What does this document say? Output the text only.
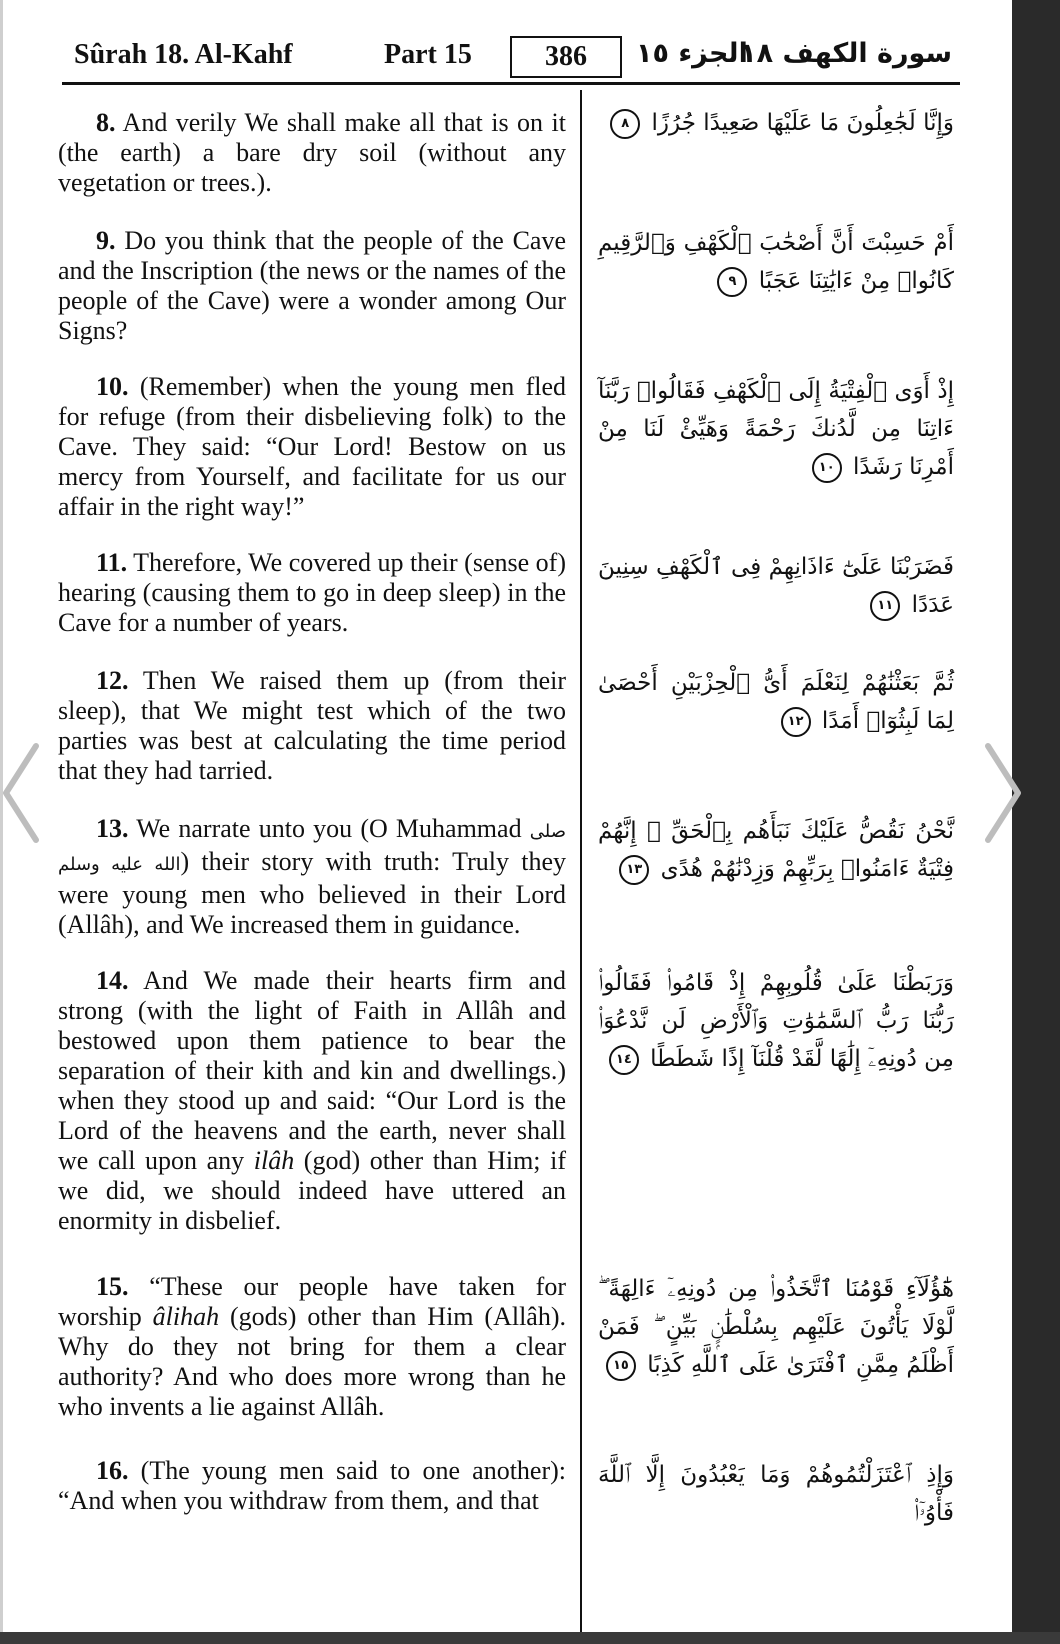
Sûrah 18. Al-Kahf	Part 15	386	الجزء ١٥
سورة الكهف ١٨
8. And verily We shall make all that is on it (the earth) a bare dry soil (without any vegetation or trees.).
وَإِنَّا لَجَٰعِلُونَ مَا عَلَيْهَا صَعِيدًا جُرُزًا ٨
9. Do you think that the people of the Cave and the Inscription (the news or the names of the people of the Cave) were a wonder among Our Signs?
أَمْ حَسِبْتَ أَنَّ أَصْحَٰبَ ٱلْكَهْفِ وَٱلرَّقِيمِ كَانُوا۟ مِنْ ءَايَٰتِنَا عَجَبًا ٩
10. (Remember) when the young men fled for refuge (from their disbelieving folk) to the Cave. They said: “Our Lord! Bestow on us mercy from Yourself, and facilitate for us our affair in the right way!”
إِذْ أَوَى ٱلْفِتْيَةُ إِلَى ٱلْكَهْفِ فَقَالُوا۟ رَبَّنَآ ءَاتِنَا مِن لَّدُنكَ رَحْمَةً وَهَيِّئْ لَنَا مِنْ أَمْرِنَا رَشَدًا ١٠
11. Therefore, We covered up their (sense of) hearing (causing them to go in deep sleep) in the Cave for a number of years.
فَضَرَبْنَا عَلَىٰٓ ءَاذَانِهِمْ فِى ٱلْكَهْفِ سِنِينَ عَدَدًا ١١
12. Then We raised them up (from their sleep), that We might test which of the two parties was best at calculating the time period that they had tarried.
ثُمَّ بَعَثْنَٰهُمْ لِنَعْلَمَ أَىُّ ٱلْحِزْبَيْنِ أَحْصَىٰ لِمَا لَبِثُوٓا۟ أَمَدًا ١٢
13. We narrate unto you (O Muhammad صلى الله عليه وسلم) their story with truth: Truly they were young men who believed in their Lord (Allâh), and We increased them in guidance.
نَّحْنُ نَقُصُّ عَلَيْكَ نَبَأَهُم بِٱلْحَقِّ ۚ إِنَّهُمْ فِتْيَةٌ ءَامَنُوا۟ بِرَبِّهِمْ وَزِدْنَٰهُمْ هُدًى ١٣
14. And We made their hearts firm and strong (with the light of Faith in Allâh and bestowed upon them patience to bear the separation of their kith and kin and dwellings.) when they stood up and said: “Our Lord is the Lord of the heavens and the earth, never shall we call upon any ilâh (god) other than Him; if we did, we should indeed have uttered an enormity in disbelief.
وَرَبَطْنَا عَلَىٰ قُلُوبِهِمْ إِذْ قَامُوا۟ فَقَالُوا۟ رَبُّنَا رَبُّ ٱلسَّمَٰوَٰتِ وَٱلْأَرْضِ لَن نَّدْعُوَا۟ مِن دُونِهِۦٓ إِلَٰهًا لَّقَدْ قُلْنَآ إِذًا شَطَطًا ١٤
15. “These our people have taken for worship âlihah (gods) other than Him (Allâh). Why do they not bring for them a clear authority? And who does more wrong than he who invents a lie against Allâh.
هَٰٓؤُلَآءِ قَوْمُنَا ٱتَّخَذُوا۟ مِن دُونِهِۦٓ ءَالِهَةً ۖ لَّوْلَا يَأْتُونَ عَلَيْهِم بِسُلْطَٰنٍۭ بَيِّنٍ ۖ فَمَنْ أَظْلَمُ مِمَّنِ ٱفْتَرَىٰ عَلَى ٱللَّهِ كَذِبًا ١٥
16. (The young men said to one another): “And when you withdraw from them, and that
وَإِذِ ٱعْتَزَلْتُمُوهُمْ وَمَا يَعْبُدُونَ إِلَّا ٱللَّهَ فَأْوُۥٓا۟
